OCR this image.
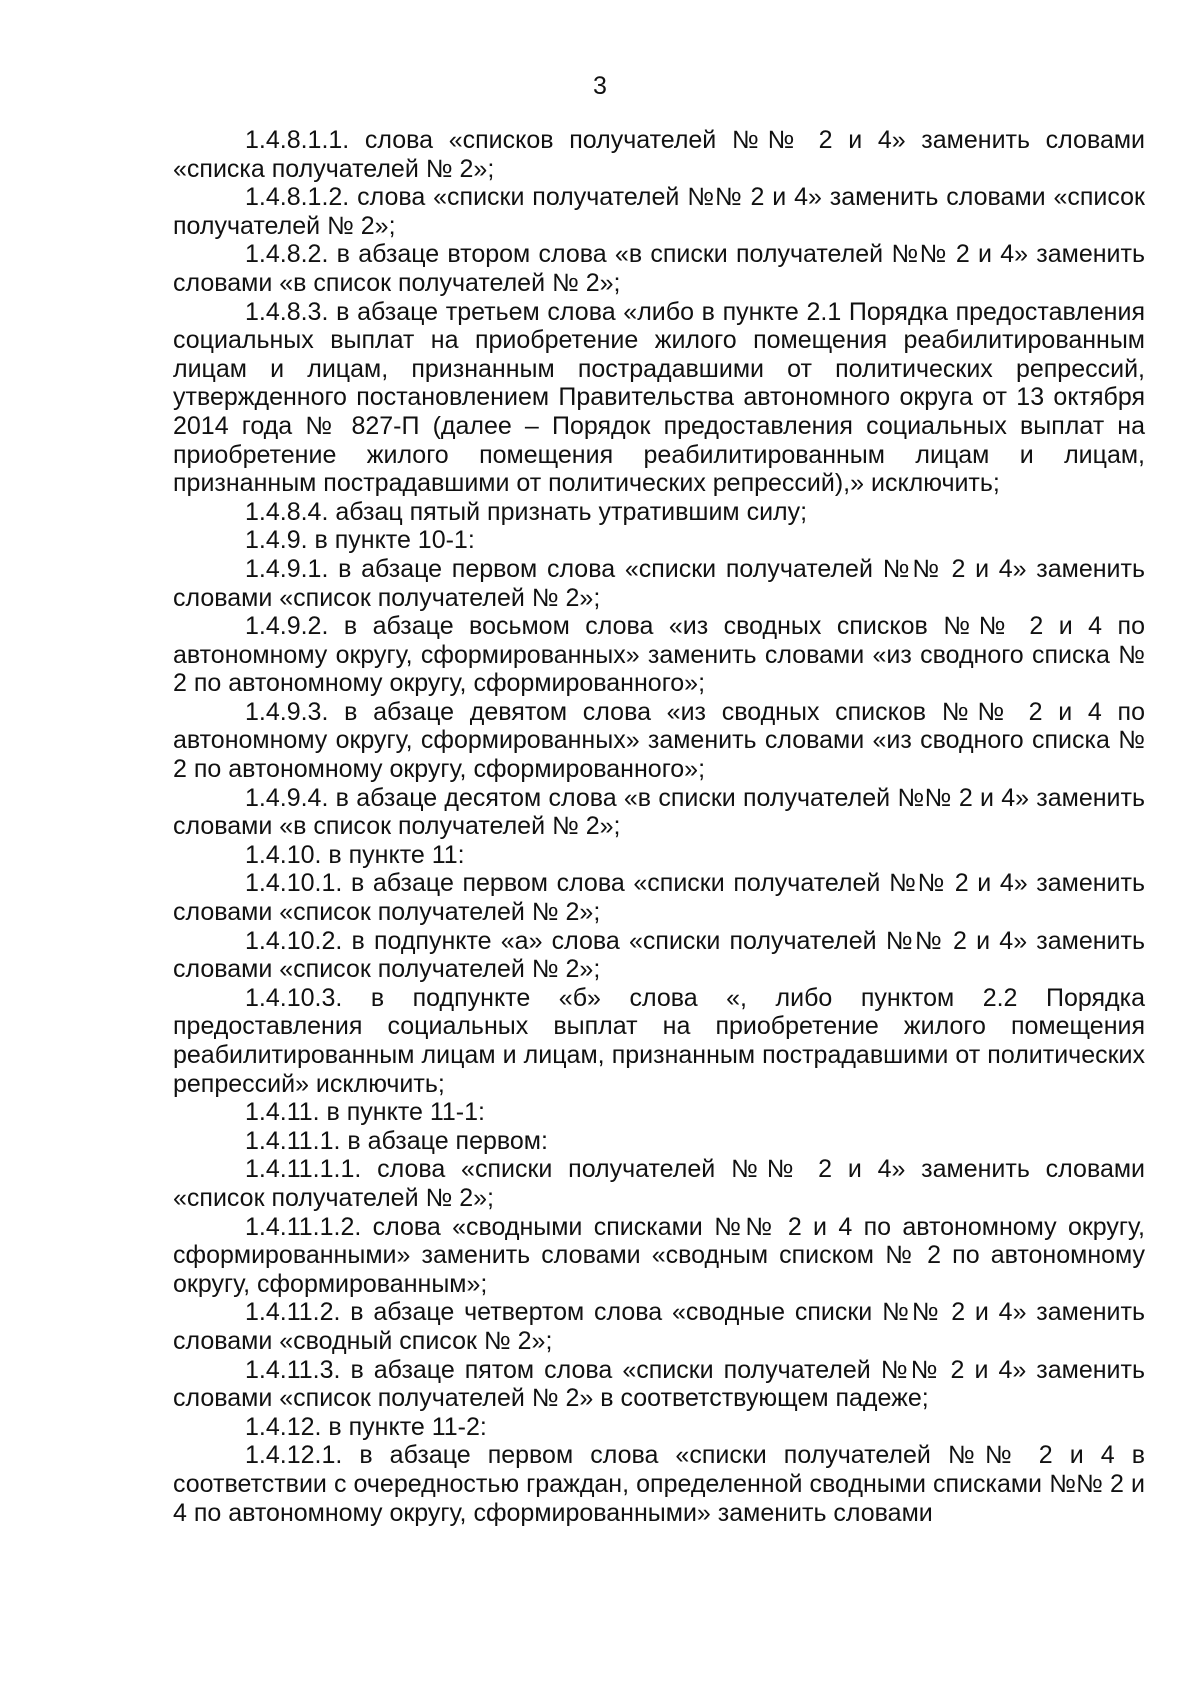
3

1.4.8.1.1. слова «списков получателей №№ 2 и 4» заменить словами «списка получателей № 2»;

1.4.8.1.2. слова «списки получателей №№ 2 и 4» заменить словами «список получателей № 2»;

1.4.8.2. в абзаце втором слова «в списки получателей №№ 2 и 4» заменить словами «в список получателей № 2»;

1.4.8.3. в абзаце третьем слова «либо в пункте 2.1 Порядка предоставления социальных выплат на приобретение жилого помещения реабилитированным лицам и лицам, признанным пострадавшими от политических репрессий, утвержденного постановлением Правительства автономного округа от 13 октября 2014 года № 827-П (далее – Порядок предоставления социальных выплат на приобретение жилого помещения реабилитированным лицам и лицам, признанным пострадавшими от политических репрессий),» исключить;

1.4.8.4. абзац пятый признать утратившим силу;

1.4.9. в пункте 10-1:

1.4.9.1. в абзаце первом слова «списки получателей №№ 2 и 4» заменить словами «список получателей № 2»;

1.4.9.2. в абзаце восьмом слова «из сводных списков №№ 2 и 4 по автономному округу, сформированных» заменить словами «из сводного списка № 2 по автономному округу, сформированного»;

1.4.9.3. в абзаце девятом слова «из сводных списков №№ 2 и 4 по автономному округу, сформированных» заменить словами «из сводного списка № 2 по автономному округу, сформированного»;

1.4.9.4. в абзаце десятом слова «в списки получателей №№ 2 и 4» заменить словами «в список получателей № 2»;

1.4.10. в пункте 11:

1.4.10.1. в абзаце первом слова «списки получателей №№ 2 и 4» заменить словами «список получателей № 2»;

1.4.10.2. в подпункте «а» слова «списки получателей №№ 2 и 4» заменить словами «список получателей № 2»;

1.4.10.3. в подпункте «б» слова «, либо пунктом 2.2 Порядка предоставления социальных выплат на приобретение жилого помещения реабилитированным лицам и лицам, признанным пострадавшими от политических репрессий» исключить;

1.4.11. в пункте 11-1:

1.4.11.1. в абзаце первом:

1.4.11.1.1. слова «списки получателей №№ 2 и 4» заменить словами «список получателей № 2»;

1.4.11.1.2. слова «сводными списками №№ 2 и 4 по автономному округу, сформированными» заменить словами «сводным списком № 2 по автономному округу, сформированным»;

1.4.11.2. в абзаце четвертом слова «сводные списки №№ 2 и 4» заменить словами «сводный список № 2»;

1.4.11.3. в абзаце пятом слова «списки получателей №№ 2 и 4» заменить словами «список получателей № 2» в соответствующем падеже;

1.4.12. в пункте 11-2:

1.4.12.1. в абзаце первом слова «списки получателей №№ 2 и 4 в соответствии с очередностью граждан, определенной сводными списками №№ 2 и 4 по автономному округу, сформированными» заменить словами
